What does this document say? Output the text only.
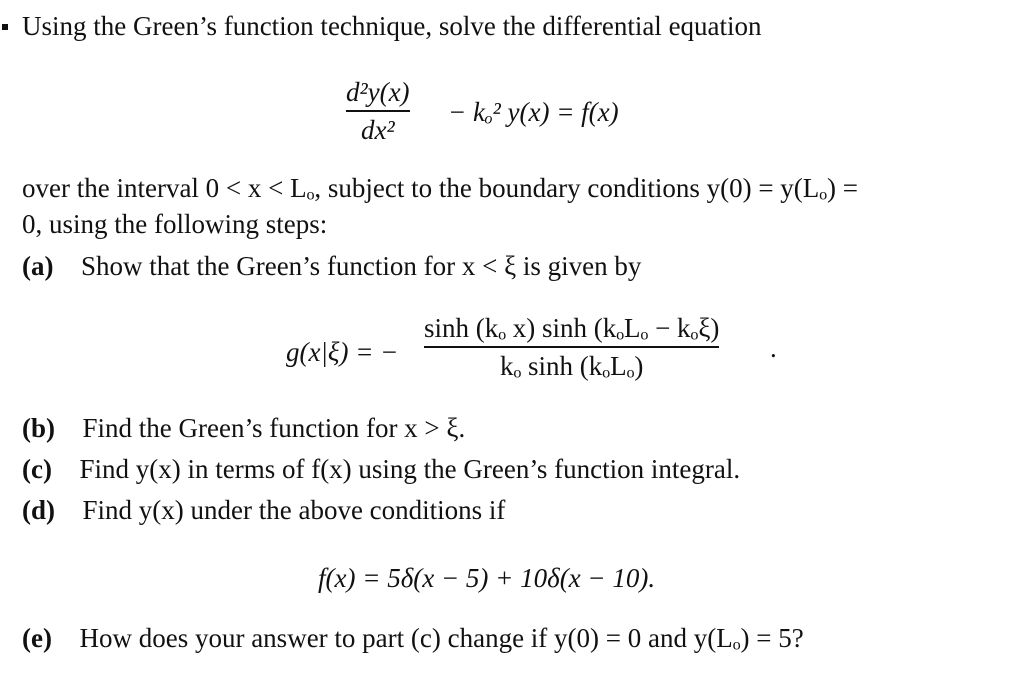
Using the Green’s function technique, solve the differential equation
d²y(x)
dx²
− kₒ² y(x) = f(x)
over the interval 0 < x < Lₒ, subject to the boundary conditions y(0) = y(Lₒ) =
0, using the following steps:
(a) Show that the Green’s function for x < ξ is given by
g(x|ξ) = −
sinh (kₒ x) sinh (kₒLₒ − kₒξ)
kₒ sinh (kₒLₒ)
.
(b) Find the Green’s function for x > ξ.
(c) Find y(x) in terms of f(x) using the Green’s function integral.
(d) Find y(x) under the above conditions if
f(x) = 5δ(x − 5) + 10δ(x − 10).
(e) How does your answer to part (c) change if y(0) = 0 and y(Lₒ) = 5?
